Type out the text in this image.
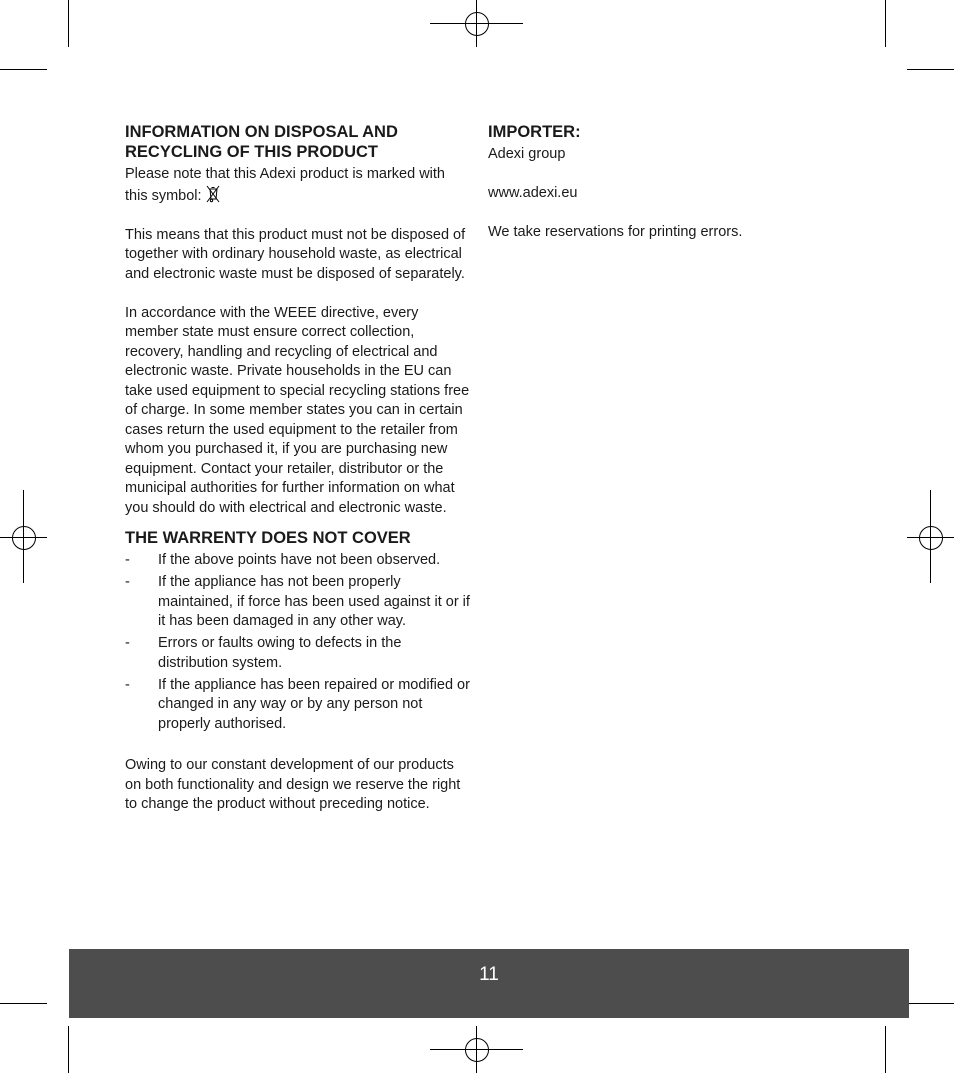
INFORMATION ON DISPOSAL AND RECYCLING OF THIS PRODUCT

Please note that this Adexi product is marked with this symbol:

This means that this product must not be disposed of together with ordinary household waste, as electrical and electronic waste must be disposed of separately.

In accordance with the WEEE directive, every member state must ensure correct collection, recovery, handling and recycling of electrical and electronic waste. Private households in the EU can take used equipment to special recycling stations free of charge. In some member states you can in certain cases return the used equipment to the retailer from whom you purchased it, if you are purchasing new equipment. Contact your retailer, distributor or the municipal authorities for further information on what you should do with electrical and electronic waste.

THE WARRENTY DOES NOT COVER
- If the above points have not been observed.
- If the appliance has not been properly maintained, if force has been used against it or if it has been damaged in any other way.
- Errors or faults owing to defects in the distribution system.
- If the appliance has been repaired or modified or changed in any way or by any person not properly authorised.

Owing to our constant development of our products on both functionality and design we reserve the right to change the product without preceding notice.

IMPORTER:

Adexi group

www.adexi.eu

We take reservations for printing errors.

11
